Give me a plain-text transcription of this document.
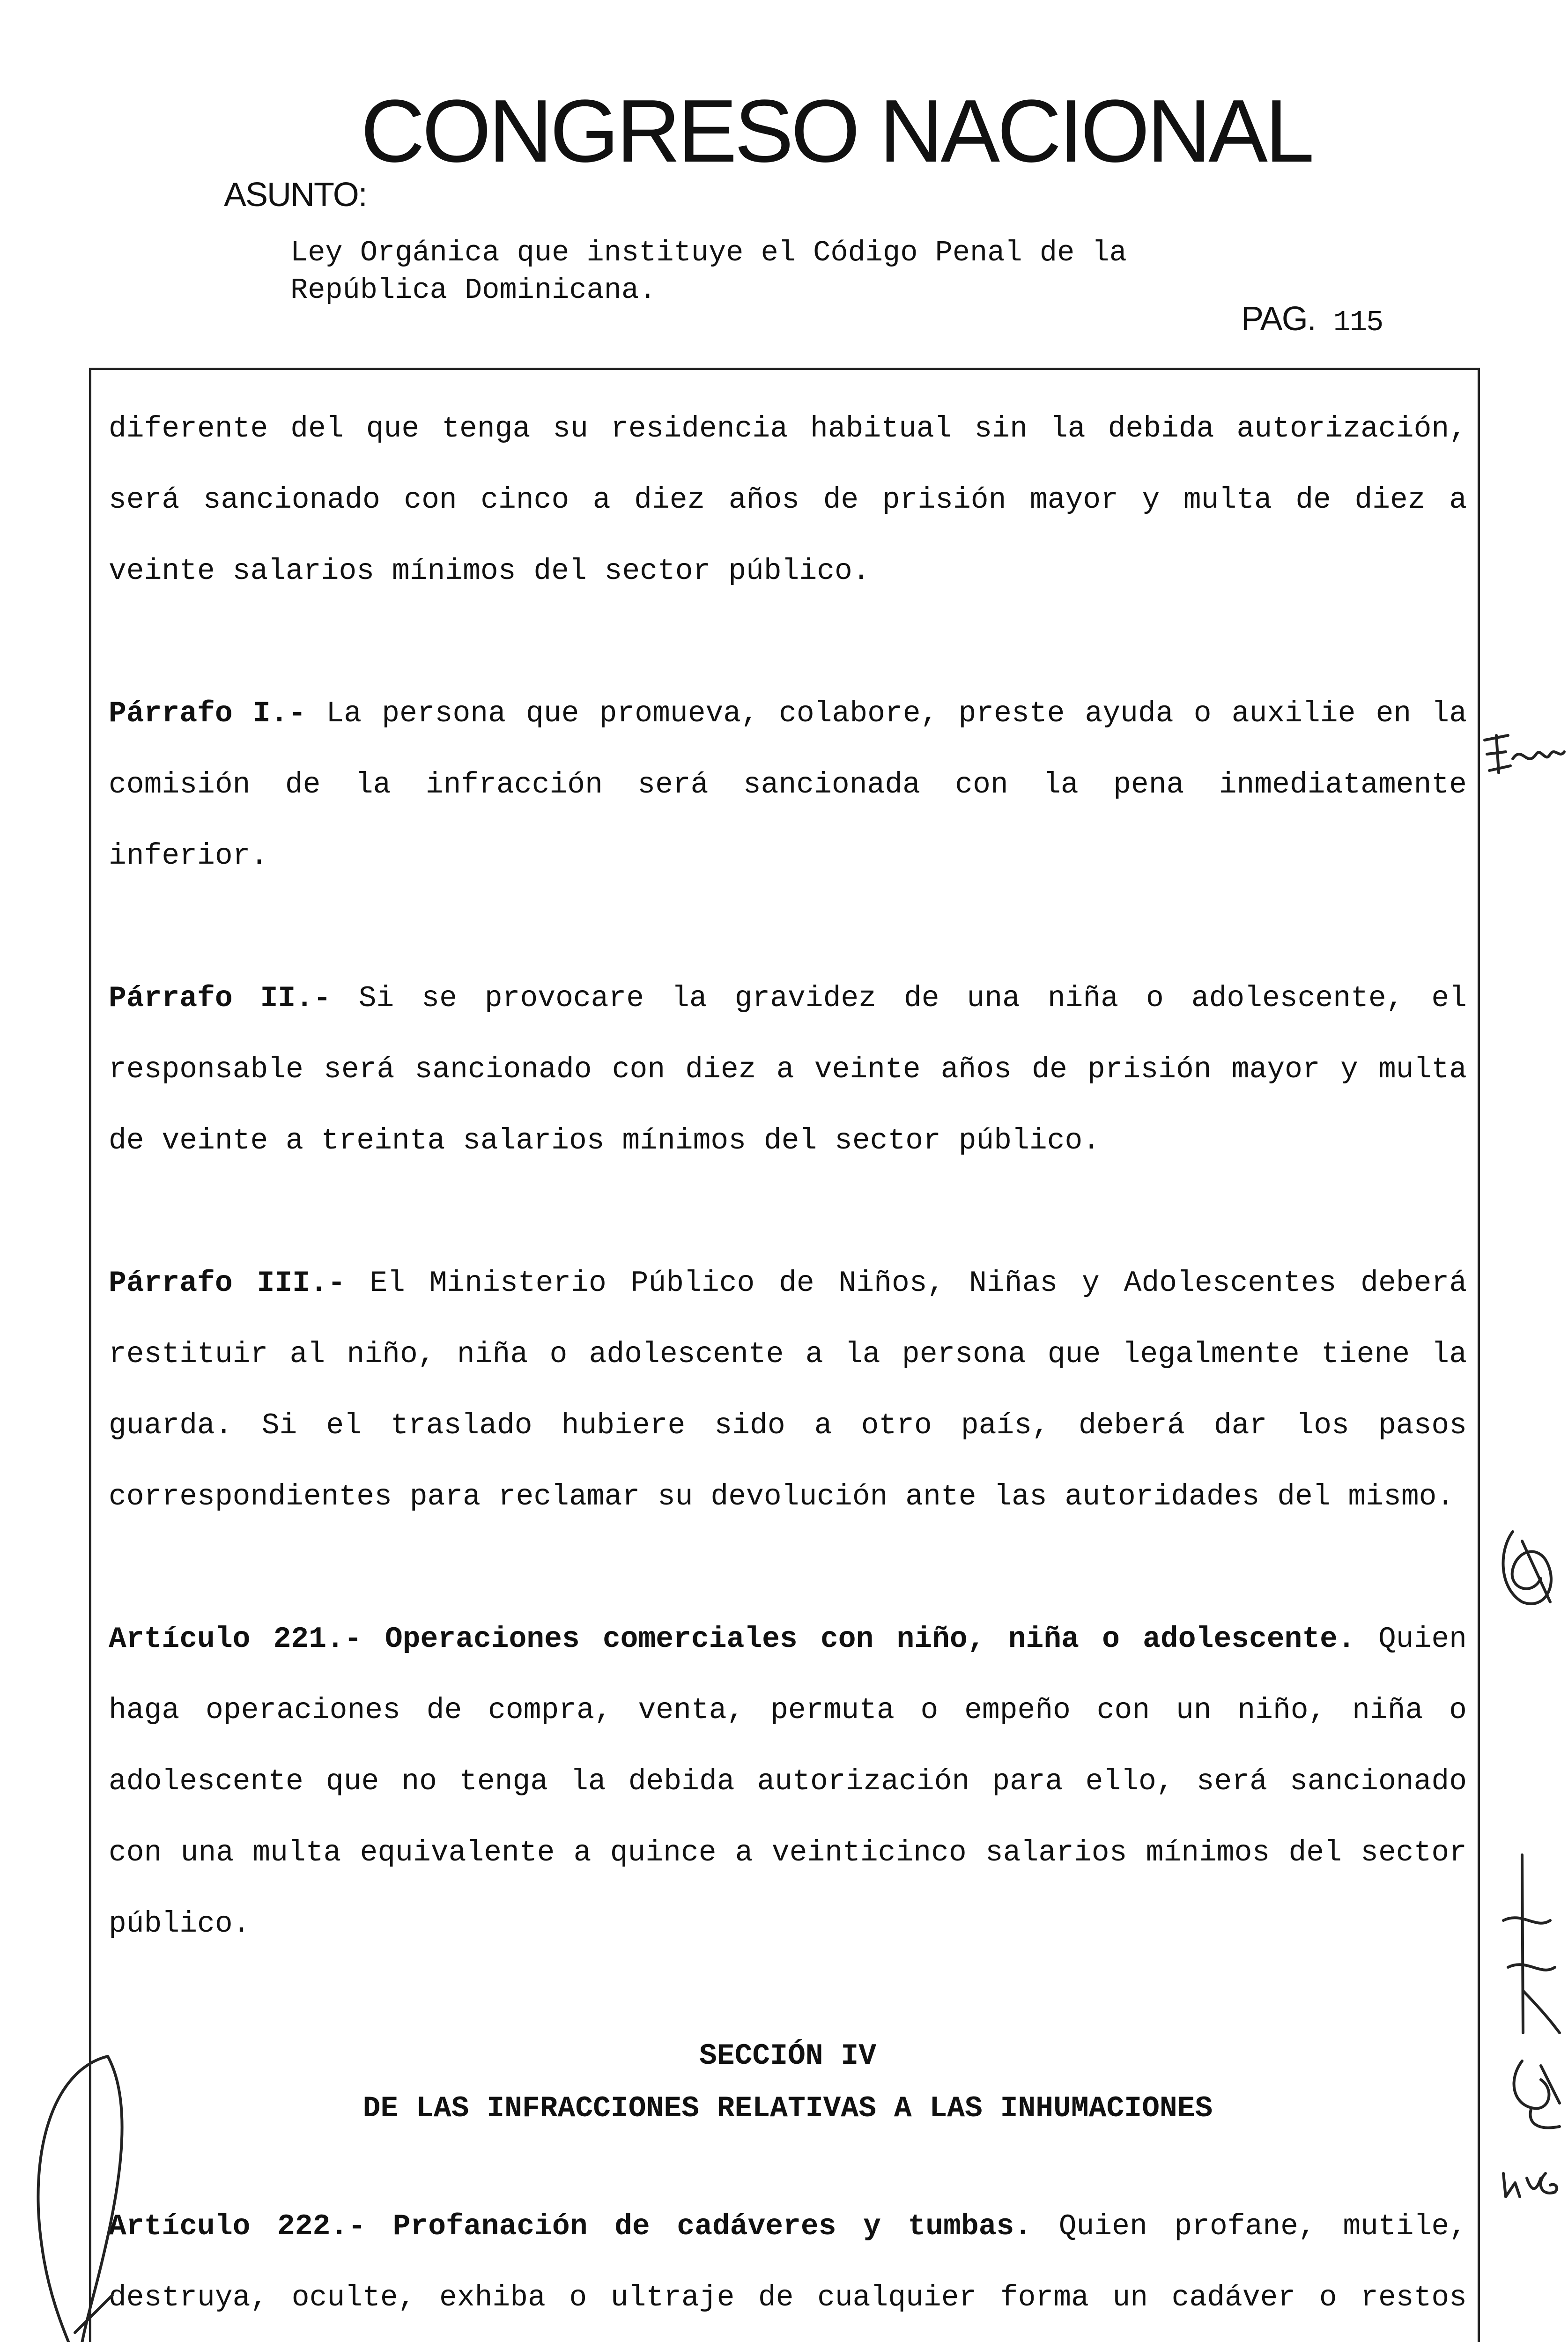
CONGRESO NACIONAL
ASUNTO:
Ley Orgánica que instituye el Código Penal de la
República Dominicana.
PAG. 115

diferente del que tenga su residencia habitual sin la debida autorización, será sancionado con cinco a diez años de prisión mayor y multa de diez a veinte salarios mínimos del sector público.

Párrafo I.- La persona que promueva, colabore, preste ayuda o auxilie en la comisión de la infracción será sancionada con la pena inmediatamente inferior.

Párrafo II.- Si se provocare la gravidez de una niña o adolescente, el responsable será sancionado con diez a veinte años de prisión mayor y multa de veinte a treinta salarios mínimos del sector público.

Párrafo III.- El Ministerio Público de Niños, Niñas y Adolescentes deberá restituir al niño, niña o adolescente a la persona que legalmente tiene la guarda. Si el traslado hubiere sido a otro país, deberá dar los pasos correspondientes para reclamar su devolución ante las autoridades del mismo.

Artículo 221.- Operaciones comerciales con niño, niña o adolescente. Quien haga operaciones de compra, venta, permuta o empeño con un niño, niña o adolescente que no tenga la debida autorización para ello, será sancionado con una multa equivalente a quince a veinticinco salarios mínimos del sector público.

SECCIÓN IV

DE LAS INFRACCIONES RELATIVAS A LAS INHUMACIONES

Artículo 222.- Profanación de cadáveres y tumbas. Quien profane, mutile, destruya, oculte, exhiba o ultraje de cualquier forma un cadáver o restos
